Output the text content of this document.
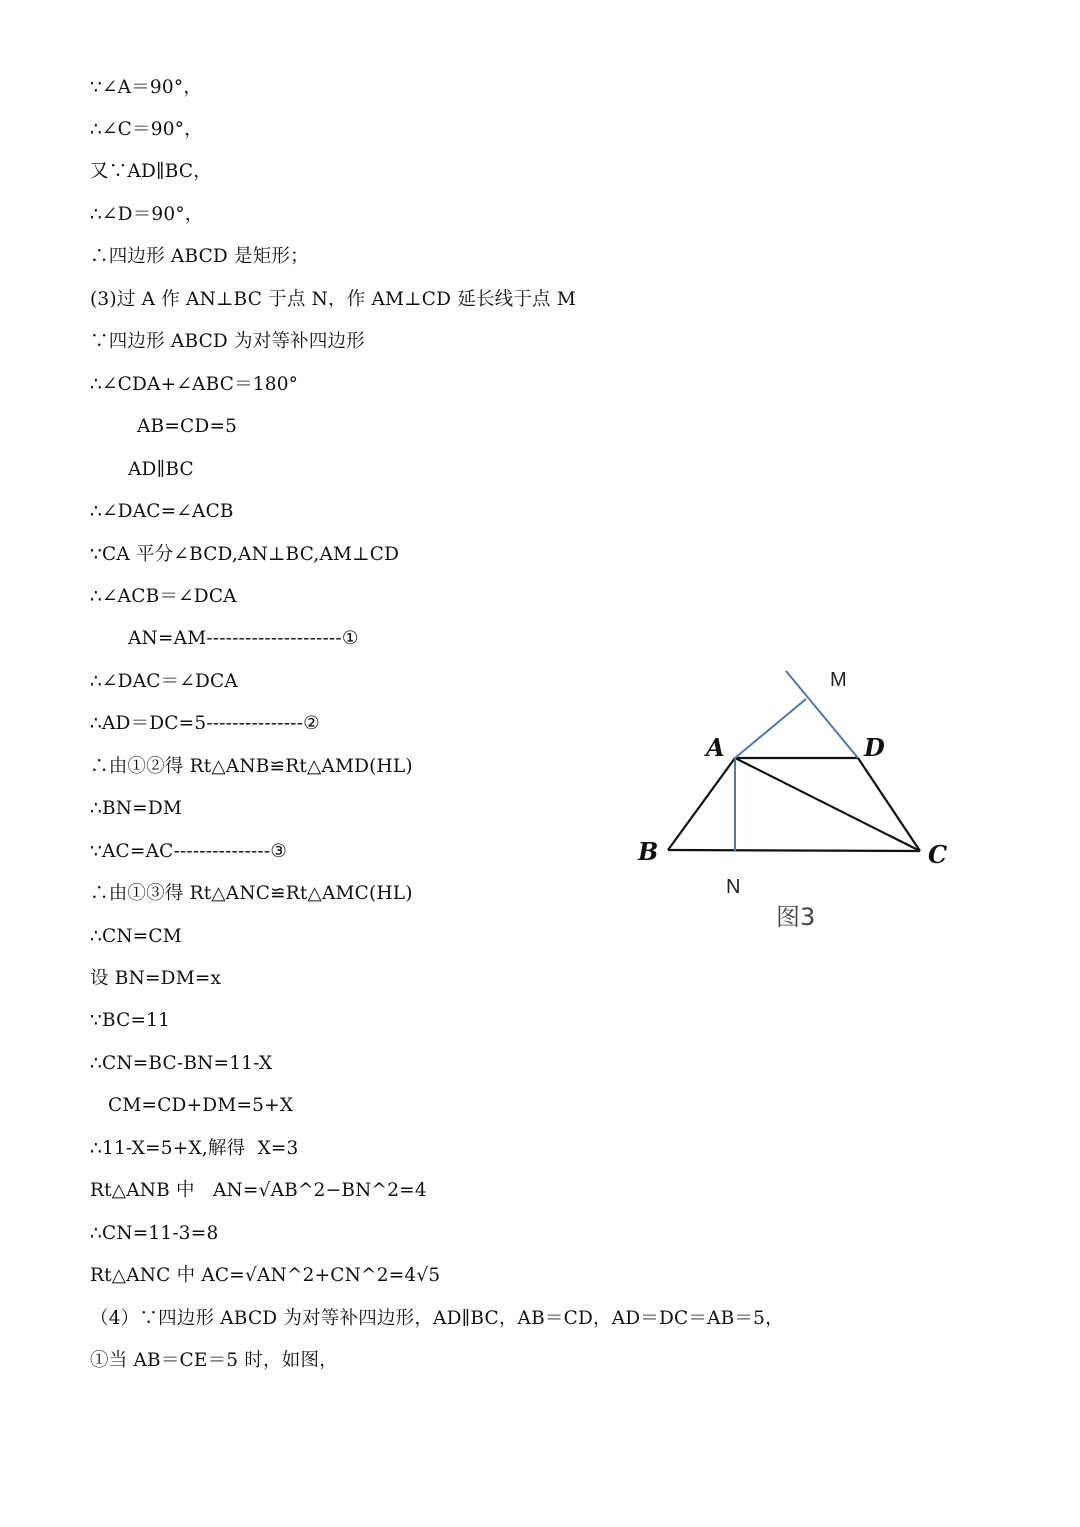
∵∠A＝90°，
∴∠C＝90°，
又∵AD∥BC，
∴∠D＝90°，
∴四边形 ABCD 是矩形；
(3)过 A 作 AN⊥BC 于点 N，作 AM⊥CD 延长线于点 M
∵四边形 ABCD 为对等补四边形
∴∠CDA+∠ABC＝180°
AB=CD=5
AD∥BC
∴∠DAC=∠ACB
∵CA 平分∠BCD,AN⊥BC,AM⊥CD
∴∠ACB＝∠DCA
AN=AM---------------------①
∴∠DAC＝∠DCA
∴AD＝DC=5---------------②
∴由①②得 Rt△ANB≌Rt△AMD(HL)
∴BN=DM
∵AC=AC---------------③
∴由①③得 Rt△ANC≌Rt△AMC(HL)
∴CN=CM
设 BN=DM=x
∵BC=11
∴CN=BC-BN=11-X
CM=CD+DM=5+X
∴11-X=5+X,解得  X=3
Rt△ANB 中   AN=√AB^2−BN^2=4
∴CN=11-3=8
Rt△ANC 中 AC=√AN^2+CN^2=4√5
（4）∵四边形 ABCD 为对等补四边形，AD∥BC，AB＝CD，AD＝DC＝AB＝5，
①当 AB＝CE＝5 时，如图，
M
A	D
B	C
N
图3
